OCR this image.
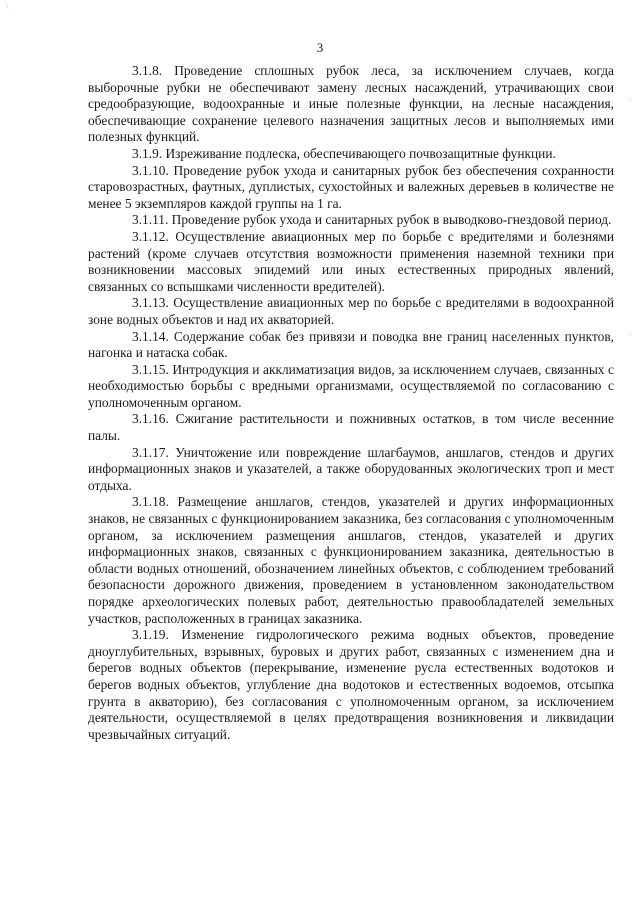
\
⁘
⁘
3

3.1.8. Проведение сплошных рубок леса, за исключением случаев, когда выборочные рубки не обеспечивают замену лесных насаждений, утрачивающих свои средообразующие, водоохранные и иные полезные функции, на лесные насаждения, обеспечивающие сохранение целевого назначения защитных лесов и выполняемых ими полезных функций.

3.1.9. Изреживание подлеска, обеспечивающего почвозащитные функции.

3.1.10. Проведение рубок ухода и санитарных рубок без обеспечения сохранности старовозрастных, фаутных, дуплистых, сухостойных и валежных деревьев в количестве не менее 5 экземпляров каждой группы на 1 га.

3.1.11. Проведение рубок ухода и санитарных рубок в выводково-гнездовой период.

3.1.12. Осуществление авиационных мер по борьбе с вредителями и болезнями растений (кроме случаев отсутствия возможности применения наземной техники при возникновении массовых эпидемий или иных естественных природных явлений, связанных со вспышками численности вредителей).

3.1.13. Осуществление авиационных мер по борьбе с вредителями в водоохранной зоне водных объектов и над их акваторией.

3.1.14. Содержание собак без привязи и поводка вне границ населенных пунктов, нагонка и натаска собак.

3.1.15. Интродукция и акклиматизация видов, за исключением случаев, связанных с необходимостью борьбы с вредными организмами, осуществляемой по согласованию с уполномоченным органом.

3.1.16. Сжигание растительности и пожнивных остатков, в том числе весенние палы.

3.1.17. Уничтожение или повреждение шлагбаумов, аншлагов, стендов и других информационных знаков и указателей, а также оборудованных экологических троп и мест отдыха.

3.1.18. Размещение аншлагов, стендов, указателей и других информационных знаков, не связанных с функционированием заказника, без согласования с уполномоченным органом, за исключением размещения аншлагов, стендов, указателей и других информационных знаков, связанных с функционированием заказника, деятельностью в области водных отношений, обозначением линейных объектов, с соблюдением требований безопасности дорожного движения, проведением в установленном законодательством порядке археологических полевых работ, деятельностью правообладателей земельных участков, расположенных в границах заказника.

3.1.19. Изменение гидрологического режима водных объектов, проведение дноуглубительных, взрывных, буровых и других работ, связанных с изменением дна и берегов водных объектов (перекрывание, изменение русла естественных водотоков и берегов водных объектов, углубление дна водотоков и естественных водоемов, отсыпка грунта в акваторию), без согласования с уполномоченным органом, за исключением деятельности, осуществляемой в целях предотвращения возникновения и ликвидации чрезвычайных ситуаций.
